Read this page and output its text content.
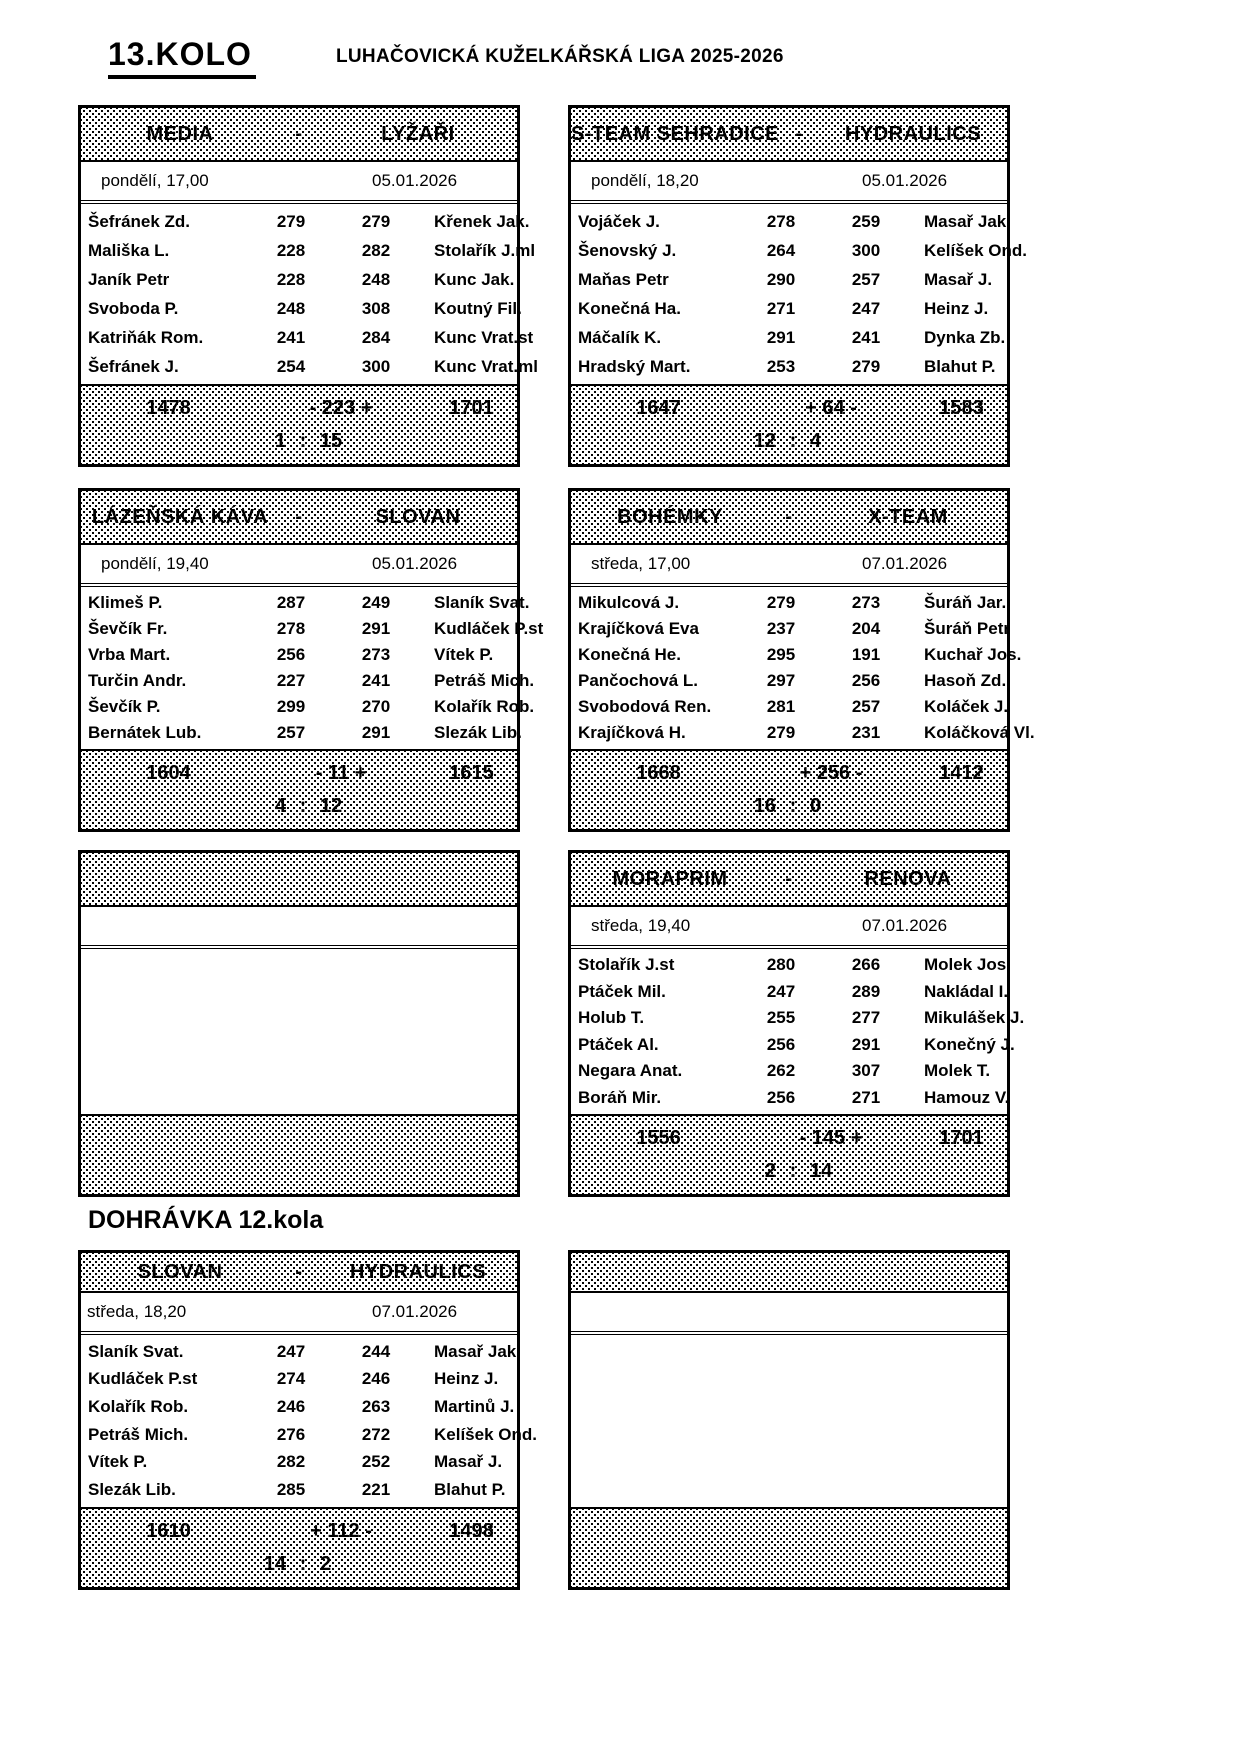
13.KOLO	LUHAČOVICKÁ KUŽELKÁŘSKÁ LIGA 2025-2026
MEDIA	-	LYŽAŘI
pondělí, 17,00	05.01.2026
Šefránek Zd.	279	279	Křenek Jak.
Mališka L.	228	282	Stolařík J.ml
Janík Petr	228	248	Kunc Jak.
Svoboda P.	248	308	Koutný Fil.
Katriňák Rom.	241	284	Kunc Vrat.st
Šefránek J.	254	300	Kunc Vrat.ml
1478	- 223 +	1701
1 : 15
S-TEAM SEHRADICE -	HYDRAULICS
pondělí, 18,20	05.01.2026
Vojáček J.	278	259	Masař Jak.
Šenovský J.	264	300	Kelíšek Ond.
Maňas Petr	290	257	Masař J.
Konečná Ha.	271	247	Heinz J.
Máčalík K.	291	241	Dynka Zb.
Hradský Mart.	253	279	Blahut P.
1647	+ 64 -	1583
12 : 4
LÁZEŇSKÁ KÁVA	-	SLOVAN
pondělí, 19,40	05.01.2026
Klimeš P.	287	249	Slaník Svat.
Ševčík Fr.	278	291	Kudláček P.st
Vrba Mart.	256	273	Vítek P.
Turčin Andr.	227	241	Petráš Mich.
Ševčík P.	299	270	Kolařík Rob.
Bernátek Lub.	257	291	Slezák Lib.
1604	- 11 +	1615
4 : 12
BOHÉMKY	-	X-TEAM
středa, 17,00	07.01.2026
Mikulcová J.	279	273	Šuráň Jar.
Krajíčková Eva	237	204	Šuráň Petr
Konečná He.	295	191	Kuchař Jos.
Pančochová L.	297	256	Hasoň Zd.
Svobodová Ren.	281	257	Koláček J.
Krajíčková H.	279	231	Koláčková Vl.
1668	+ 256 -	1412
16 : 0
MORAPRIM	-	RENOVA
středa, 19,40	07.01.2026
Stolařík J.st	280	266	Molek Jos.
Ptáček Mil.	247	289	Nakládal I.
Holub T.	255	277	Mikulášek J.
Ptáček Al.	256	291	Konečný J.
Negara Anat.	262	307	Molek T.
Boráň Mir.	256	271	Hamouz V.
1556	- 145 +	1701
2 : 14
DOHRÁVKA 12.kola
SLOVAN	-	HYDRAULICS
středa, 18,20	07.01.2026
Slaník Svat.	247	244	Masař Jak.
Kudláček P.st	274	246	Heinz J.
Kolařík Rob.	246	263	Martinů J.
Petráš Mich.	276	272	Kelíšek Ond.
Vítek P.	282	252	Masař J.
Slezák Lib.	285	221	Blahut P.
1610	+ 112 -	1498
14 : 2
